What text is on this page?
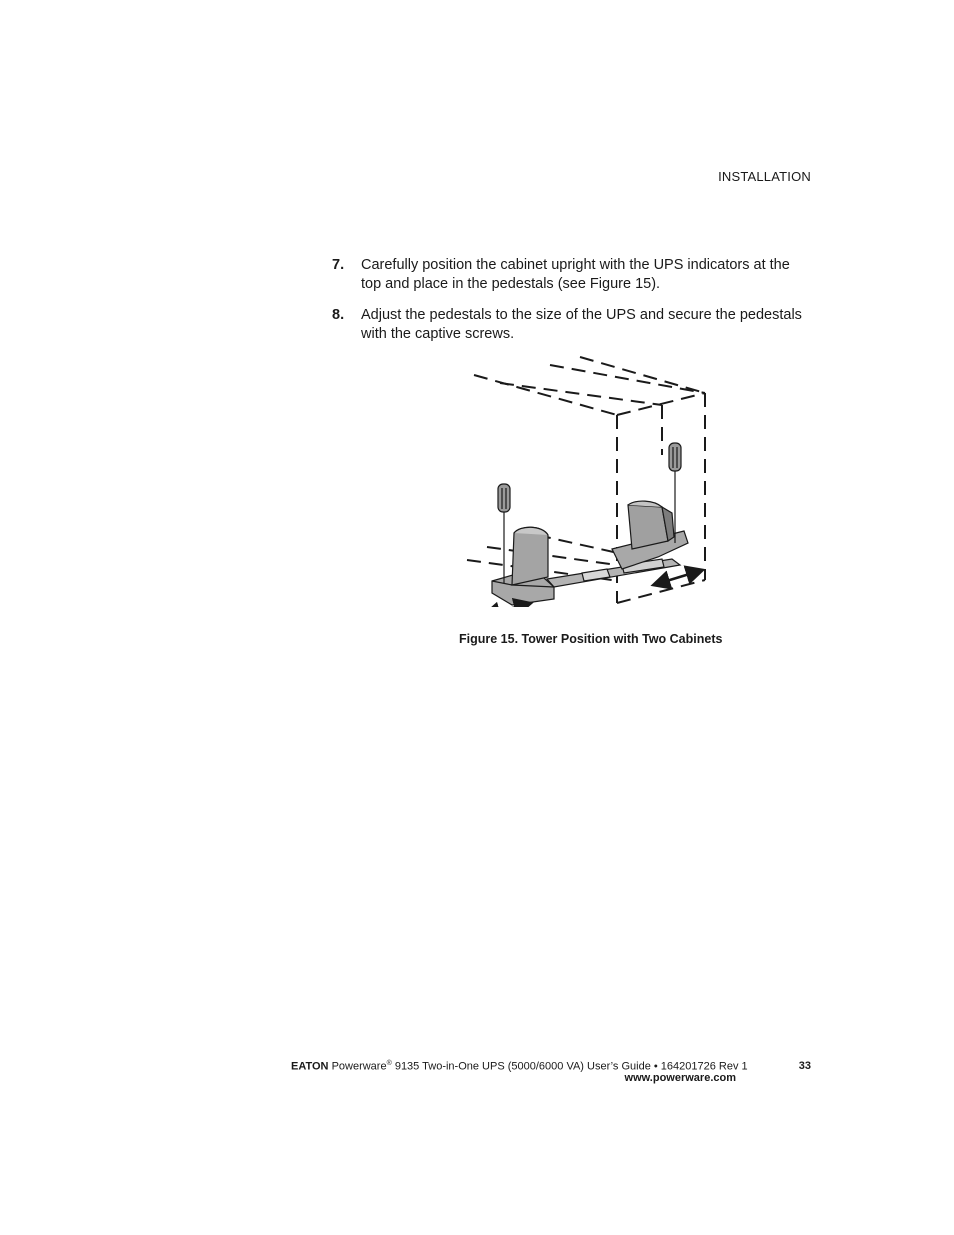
INSTALLATION
7.	Carefully position the cabinet upright with the UPS indicators at the top and place in the pedestals (see Figure 15).
8.	Adjust the pedestals to the size of the UPS and secure the pedestals with the captive screws.
Figure 15. Tower Position with Two Cabinets
EATON Powerware® 9135 Two-in-One UPS (5000/6000 VA) User’s Guide • 164201726 Rev 1
www.powerware.com
33
